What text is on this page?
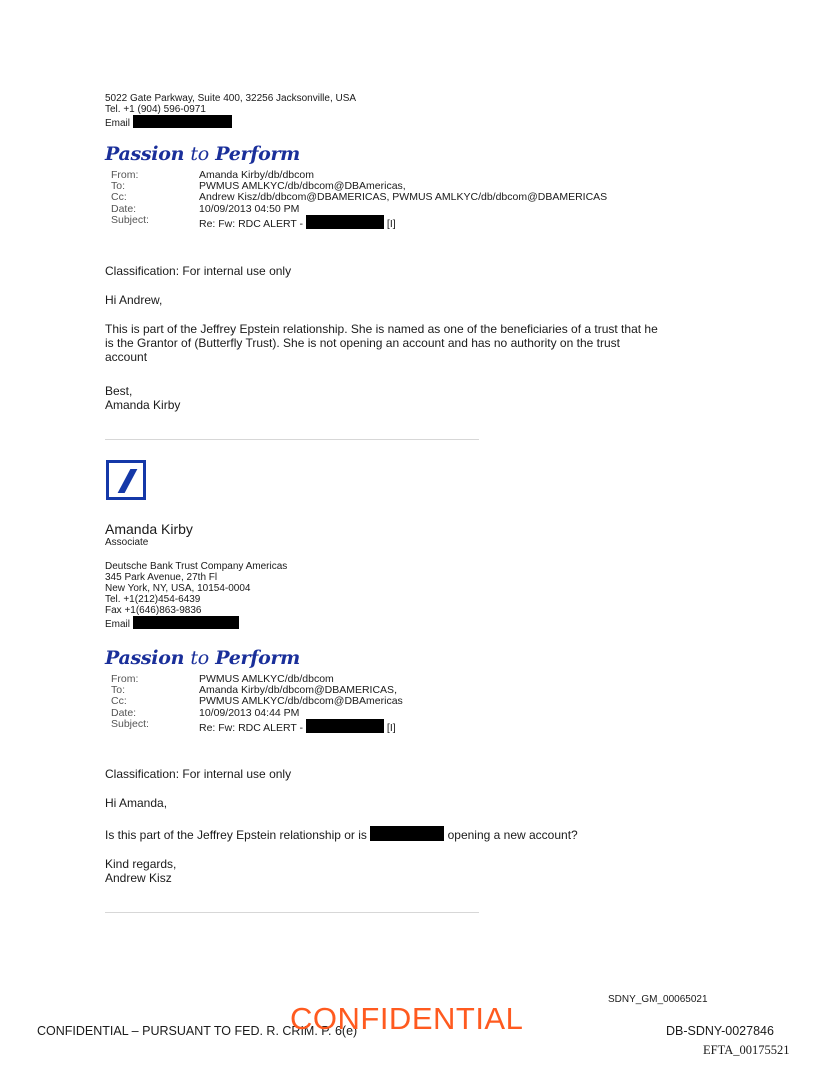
5022 Gate Parkway, Suite 400, 32256 Jacksonville, USA
Tel. +1 (904) 596-0971
Email
Passion to Perform
From:	Amanda Kirby/db/dbcom
To:	PWMUS AMLKYC/db/dbcom@DBAmericas,
Cc:	Andrew Kisz/db/dbcom@DBAMERICAS, PWMUS AMLKYC/db/dbcom@DBAMERICAS
Date:	10/09/2013 04:50 PM
Subject:	Re: Fw: RDC ALERT - [I]
Classification: For internal use only
Hi Andrew,
This is part of the Jeffrey Epstein relationship. She is named as one of the beneficiaries of a trust that he
is the Grantor of (Butterfly Trust). She is not opening an account and has no authority on the trust
account
Best,
Amanda Kirby
Amanda Kirby
Associate
Deutsche Bank Trust Company Americas
345 Park Avenue, 27th Fl
New York, NY, USA, 10154-0004
Tel. +1(212)454-6439
Fax +1(646)863-9836
Email
Passion to Perform
From:	PWMUS AMLKYC/db/dbcom
To:	Amanda Kirby/db/dbcom@DBAMERICAS,
Cc:	PWMUS AMLKYC/db/dbcom@DBAmericas
Date:	10/09/2013 04:44 PM
Subject:	Re: Fw: RDC ALERT - [I]
Classification: For internal use only
Hi Amanda,
Is this part of the Jeffrey Epstein relationship or is	opening a new account?
Kind regards,
Andrew Kisz
SDNY_GM_00065021
CONFIDENTIAL – PURSUANT TO FED. R. CRIM. P. 6(e)
CONFIDENTIAL	DB-SDNY-0027846
EFTA_00175521
